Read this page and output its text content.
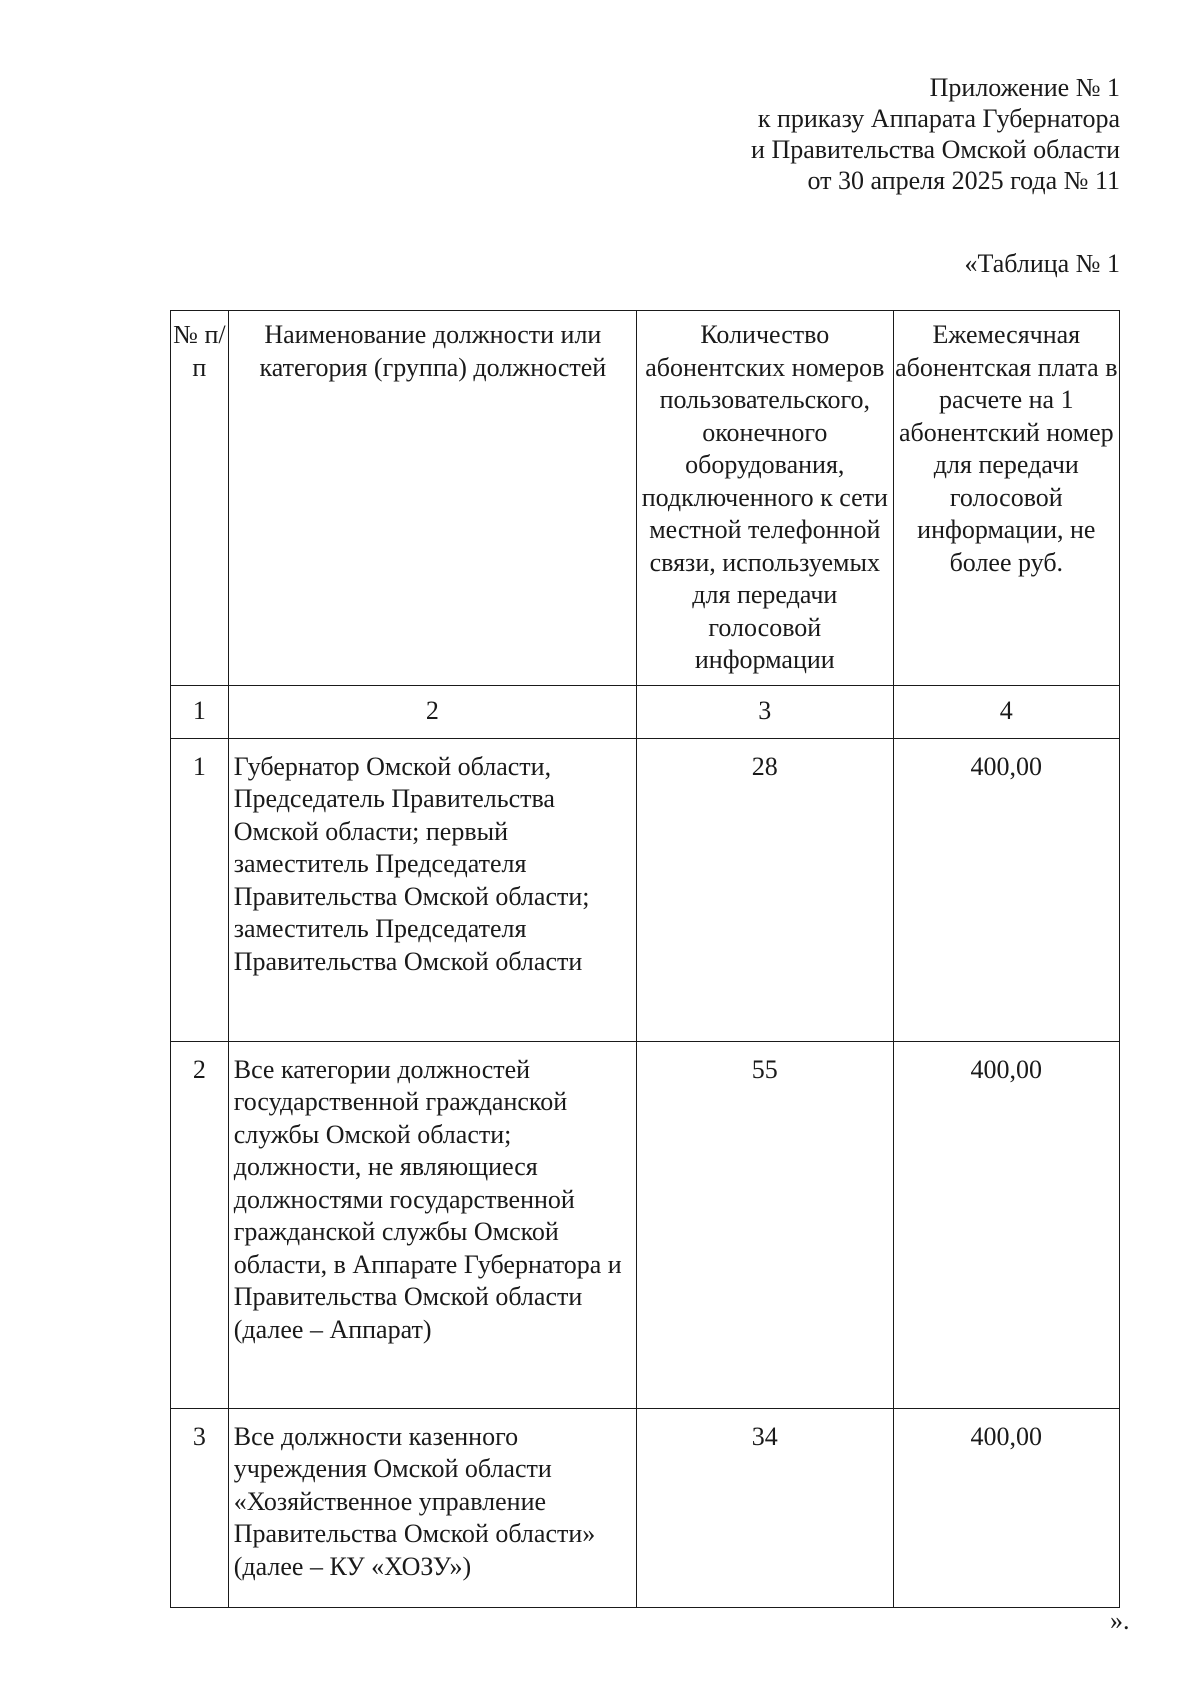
Приложение № 1
к приказу Аппарата Губернатора
и Правительства Омской области
от 30 апреля 2025 года № 11
«Таблица № 1
№ п/п	Наименование должности или категория (группа) должностей	Количество абонентских номеров пользовательского, оконечного оборудования, подключенного к сети местной телефонной связи, используемых для передачи голосовой информации	Ежемесячная абонентская плата в расчете на 1 абонентский номер для передачи голосовой информации, не более руб.
1	2	3	4
1	Губернатор Омской области, Председатель Правительства Омской области; первый заместитель Председателя Правительства Омской области; заместитель Председателя Правительства Омской области	28	400,00
2	Все категории должностей государственной гражданской службы Омской области; должности, не являющиеся должностями государственной гражданской службы Омской области, в Аппарате Губернатора и Правительства Омской области (далее – Аппарат)	55	400,00
3	Все должности казенного учреждения Омской области «Хозяйственное управление Правительства Омской области» (далее – КУ «ХОЗУ»)	34	400,00
».
